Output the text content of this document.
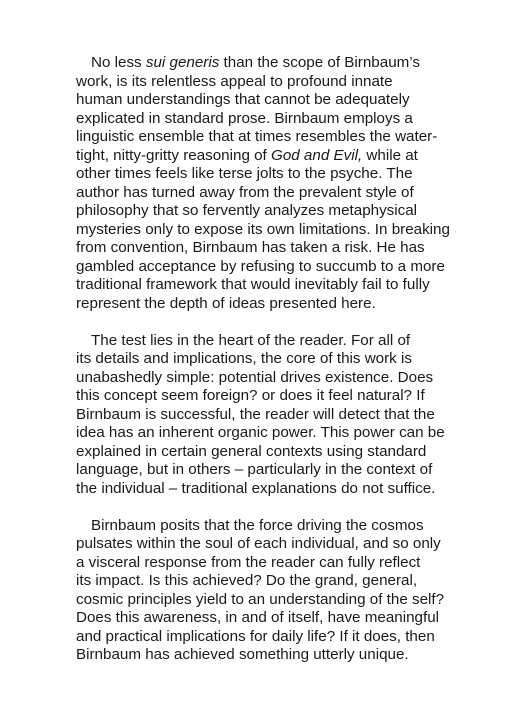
No less sui generis than the scope of Birnbaum’s
work, is its relentless appeal to profound innate
human understandings that cannot be adequately
explicated in standard prose. Birnbaum employs a
linguistic ensemble that at times resembles the water-
tight, nitty-gritty reasoning of God and Evil, while at
other times feels like terse jolts to the psyche. The
author has turned away from the prevalent style of
philosophy that so fervently analyzes metaphysical
mysteries only to expose its own limitations. In breaking
from convention, Birnbaum has taken a risk. He has
gambled acceptance by refusing to succumb to a more
traditional framework that would inevitably fail to fully
represent the depth of ideas presented here.
The test lies in the heart of the reader. For all of
its details and implications, the core of this work is
unabashedly simple: potential drives existence. Does
this concept seem foreign? or does it feel natural? If
Birnbaum is successful, the reader will detect that the
idea has an inherent organic power. This power can be
explained in certain general contexts using standard
language, but in others – particularly in the context of
the individual – traditional explanations do not suffice.
Birnbaum posits that the force driving the cosmos
pulsates within the soul of each individual, and so only
a visceral response from the reader can fully reflect
its impact. Is this achieved? Do the grand, general,
cosmic principles yield to an understanding of the self?
Does this awareness, in and of itself, have meaningful
and practical implications for daily life? If it does, then
Birnbaum has achieved something utterly unique.
